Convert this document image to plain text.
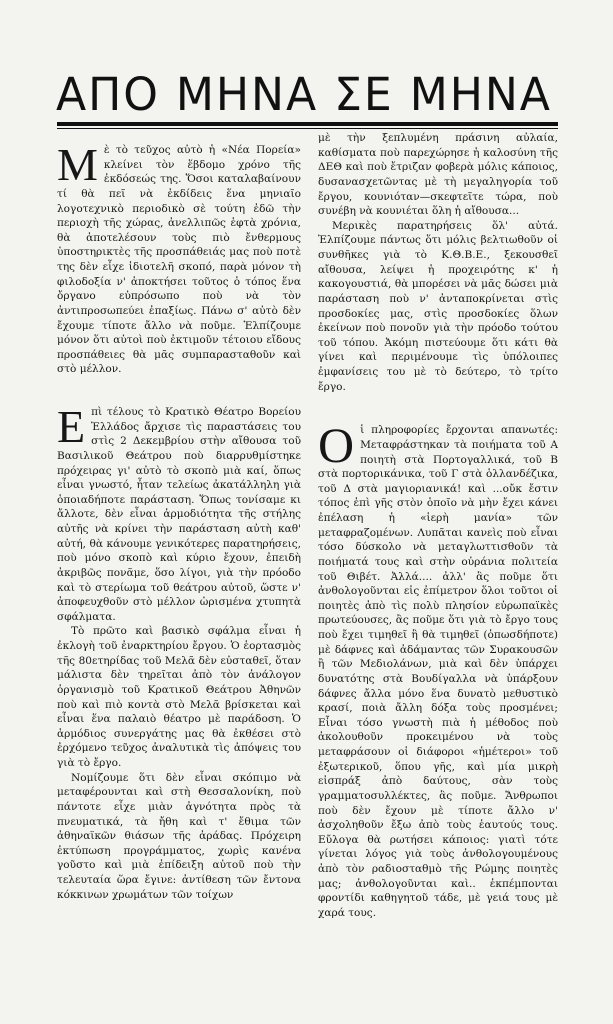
ΑΠΟ ΜΗΝΑ ΣΕ ΜΗΝΑ

Μὲ τὸ τεῦχος αὐτὸ ἡ «Νέα Πορεία» κλείνει τὸν ἕβδομο χρόνο τῆς ἐκδόσεώς της. Ὅσοι καταλαβαίνουν τί θὰ πεῖ νὰ ἐκδίδεις ἕνα μηνιαῖο λογοτεχνικὸ περιοδικὸ σὲ τούτη ἐδῶ τὴν περιοχὴ τῆς χώρας, ἀνελλιπῶς ἑφτὰ χρόνια, θὰ ἀποτελέσουν τοὺς πιὸ ἔνθερμους ὑποστηρικτὲς τῆς προσπάθειάς μας ποὺ ποτὲ της δὲν εἶχε ἰδιοτελῆ σκοπό, παρὰ μόνον τὴ φιλοδοξία ν' ἀποκτήσει τοῦτος ὁ τόπος ἕνα ὄργανο εὐπρόσωπο ποὺ νὰ τὸν ἀντιπροσωπεύει ἐπαξίως. Πάνω σ' αὐτὸ δὲν ἔχουμε τίποτε ἄλλο νὰ ποῦμε. Ἐλπίζουμε μόνον ὅτι αὐτοὶ ποὺ ἐκτιμοῦν τέτοιου εἴδους προσπάθειες θὰ μᾶς συμπαρασταθοῦν καὶ στὸ μέλλον.

Επὶ τέλους τὸ Κρατικὸ Θέατρο Βορείου Ἑλλάδος ἄρχισε τὶς παραστάσεις του στὶς 2 Δεκεμβρίου στὴν αἴθουσα τοῦ Βασιλικοῦ Θεάτρου ποὺ διαρρυθμίστηκε πρόχειρας γι' αὐτὸ τὸ σκοπὸ μιὰ καί, ὅπως εἶναι γνωστό, ἦταν τελείως ἀκατάλληλη γιὰ ὁποιαδήποτε παράσταση. Ὅπως τονίσαμε κι ἄλλοτε, δὲν εἶναι ἁρμοδιότητα τῆς στήλης αὐτῆς νὰ κρίνει τὴν παράσταση αὐτὴ καθ' αὐτή, θὰ κάνουμε γενικότερες παρατηρήσεις, ποὺ μόνο σκοπὸ καὶ κύριο ἔχουν, ἐπειδὴ ἀκριβῶς πονᾶμε, ὅσο λίγοι, γιὰ τὴν πρόοδο καὶ τὸ στερίωμα τοῦ θεάτρου αὐτοῦ, ὥστε ν' ἀποφευχθοῦν στὸ μέλλον ὡρισμένα χτυπητὰ σφάλματα.

Τὸ πρῶτο καὶ βασικὸ σφάλμα εἶναι ἡ ἐκλογὴ τοῦ ἐναρκτηρίου ἔργου. Ὁ ἑορτασμὸς τῆς 80ετηρίδας τοῦ Μελᾶ δὲν εὐσταθεῖ, ὅταν μάλιστα δὲν τηρεῖται ἀπὸ τὸν ἀνάλογον ὀργανισμὸ τοῦ Κρατικοῦ Θεάτρου Ἀθηνῶν ποὺ καὶ πιὸ κοντὰ στὸ Μελᾶ βρίσκεται καὶ εἶναι ἕνα παλαιὸ θέατρο μὲ παράδοση. Ὁ ἁρμόδιος συνεργάτης μας θὰ ἐκθέσει στὸ ἐρχόμενο τεῦχος ἀναλυτικὰ τὶς ἀπόψεις του γιὰ τὸ ἔργο.

Νομίζουμε ὅτι δὲν εἶναι σκόπιμο νὰ μεταφέρουνται καὶ στὴ Θεσσαλονίκη, ποὺ πάντοτε εἶχε μιὰν ἀγνότητα πρὸς τὰ πνευματικά, τὰ ἤθη καὶ τ' ἔθιμα τῶν ἀθηναϊκῶν θιάσων τῆς ἀράδας. Πρόχειρη ἐκτύπωση προγράμματος, χωρὶς κανένα γοῦστο καὶ μιὰ ἐπίδειξη αὐτοῦ ποὺ τὴν τελευταία ὥρα ἔγινε: ἀντίθεση τῶν ἔντονα κόκκινων χρωμάτων τῶν τοίχων

μὲ τὴν ξεπλυμένη πράσινη αὐλαία, καθίσματα ποὺ παρεχώρησε ἡ καλοσύνη τῆς ΔΕΘ καὶ ποὺ ἔτριζαν φοβερὰ μόλις κάποιος, δυσανασχετῶντας μὲ τὴ μεγαληγορία τοῦ ἔργου, κουνιόταν—σκεφτεῖτε τώρα, ποὺ συνέβη νὰ κουνιέται ὅλη ἡ αἴθουσα...

Μερικὲς παρατηρήσεις ὅλ' αὐτά. Ἐλπίζουμε πάντως ὅτι μόλις βελτιωθοῦν οἱ συνθῆκες γιὰ τὸ Κ.Θ.Β.Ε., ξεκουσθεῖ αἴθουσα, λείψει ἡ προχειρότης κ' ἡ κακογουστιά, θὰ μπορέσει νὰ μᾶς δώσει μιὰ παράσταση ποὺ ν' ἀνταποκρίνεται στὶς προσδοκίες μας, στὶς προσδοκίες ὅλων ἐκείνων ποὺ πονοῦν γιὰ τὴν πρόοδο τούτου τοῦ τόπου. Ἀκόμη πιστεύουμε ὅτι κάτι θὰ γίνει καὶ περιμένουμε τὶς ὑπόλοιπες ἐμφανίσεις του μὲ τὸ δεύτερο, τὸ τρίτο ἔργο.

Οἱ πληροφορίες ἔρχονται απανωτές: Μεταφράστηκαν τὰ ποιήματα τοῦ Α ποιητὴ στὰ Πορτογαλλικά, τοῦ Β στὰ πορτορικάνικα, τοῦ Γ στὰ ὁλλανδέζικα, τοῦ Δ στὰ μαγιοριανικά! καὶ ...οὔκ ἔστιν τόπος ἐπὶ γῆς στὸν ὁποῖο νὰ μὴν ἔχει κάνει ἐπέλαση ἡ «ἱερὴ μανία» τῶν μεταφραζομένων. Λυπᾶται κανεὶς ποὺ εἶναι τόσο δύσκολο νὰ μεταγλωττισθοῦν τὰ ποιήματά τους καὶ στὴν οὐράνια πολιτεία τοῦ Θιβέτ. Ἀλλά.... ἀλλ' ἂς ποῦμε ὅτι ἀνθολογοῦνται εἰς ἐπίμετρον ὅλοι τοῦτοι οἱ ποιητὲς ἀπὸ τὶς πολὺ πλησίον εὐρωπαϊκὲς πρωτεύουσες, ἂς ποῦμε ὅτι γιὰ τὸ ἔργο τους ποὺ ἔχει τιμηθεῖ ἢ θὰ τιμηθεῖ (ὁπωσδήποτε) μὲ δάφνες καὶ ἀδάμαντας τῶν Συρακουσῶν ἢ τῶν Μεδιολάνων, μιὰ καὶ δὲν ὑπάρχει δυνατότης στὰ Βουδίγαλλα νὰ ὑπάρξουν δάφνες ἄλλα μόνο ἕνα δυνατὸ μεθυστικὸ κρασί, ποιὰ ἄλλη δόξα τοὺς προσμένει; Εἶναι τόσο γνωστὴ πιὰ ἡ μέθοδος ποὺ ἀκολουθοῦν προκειμένου νὰ τοὺς μεταφράσουν οἱ διάφοροι «ἡμέτεροι» τοῦ ἐξωτερικοῦ, ὅπου γῆς, καὶ μία μικρὴ εἰσπράξ ἀπὸ δαύτους, σὰν τοὺς γραμματοσυλλέκτες, ἂς ποῦμε. Ἄνθρωποι ποὺ δὲν ἔχουν μὲ τίποτε ἄλλο ν' ἀσχοληθοῦν ἔξω ἀπὸ τοὺς ἑαυτούς τους. Εὔλογα θὰ ρωτήσει κάποιος: γιατὶ τότε γίνεται λόγος γιὰ τοὺς ἀνθολογουμένους ἀπὸ τὸν ραδιοσταθμὸ τῆς Ρώμης ποιητὲς μας; ἀνθολογοῦνται καὶ.. ἐκπέμπονται φροντίδι καθηγητοῦ τάδε, μὲ γειά τους μὲ χαρά τους.
